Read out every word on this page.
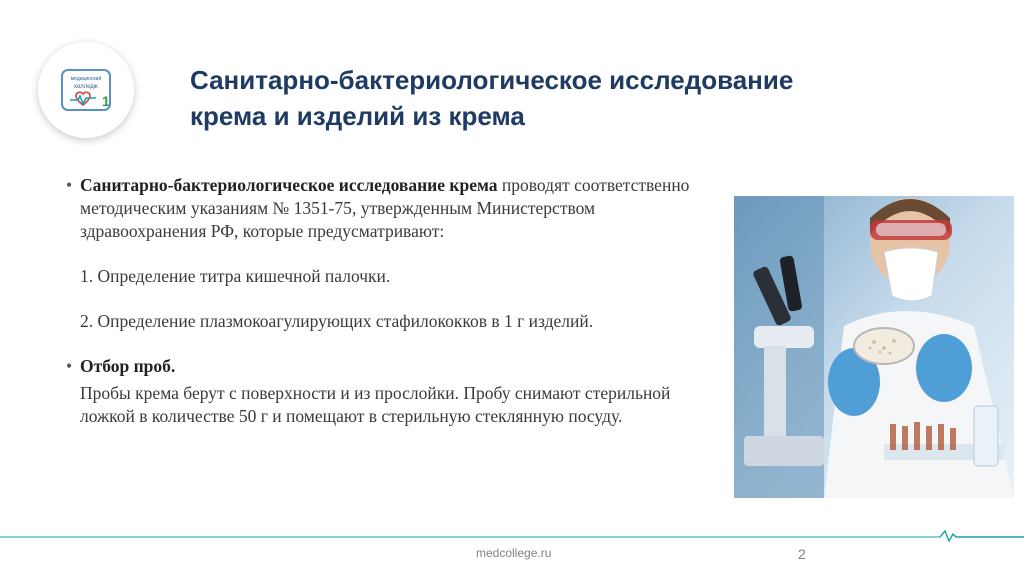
медицинский
колледж
1
Санитарно-бактериологическое исследование
крема и изделий из крема
• Санитарно-бактериологическое исследование крема проводят соответственно методическим указаниям № 1351-75, утвержденным Министерством здравоохранения РФ, которые предусматривают:
1. Определение титра кишечной палочки.
2. Определение плазмокоагулирующих стафилококков в 1 г изделий.
• Отбор проб.
Пробы крема берут с поверхности и из прослойки. Пробу снимают стерильной ложкой в количестве 50 г и помещают в стерильную стеклянную посуду.
medcollege.ru	2
